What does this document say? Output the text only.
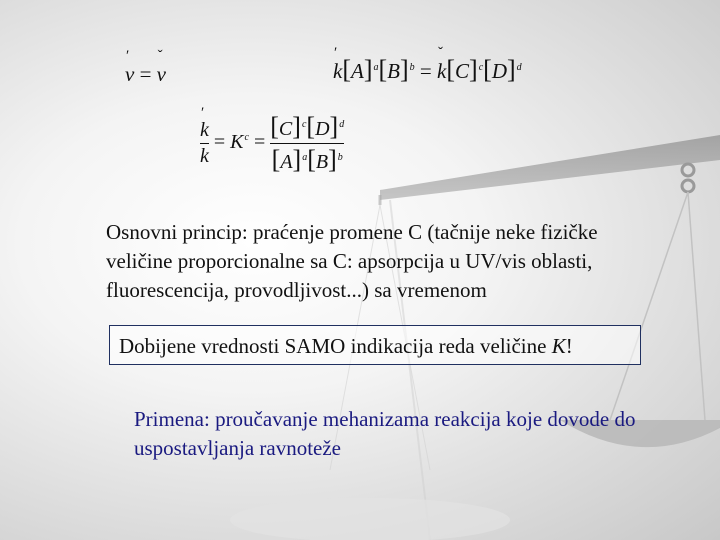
′
v =
ˇ
v
′
$k[A]^a[B]^b$ =
ˇ
$k[C]^c[D]^d$
′
k
$k = K^c = \frac{[C]^c[D]^d}{[A]^a[B]^b}$
Osnovni princip: praćenje promene C (tačnije neke fizičke veličine proporcionalne sa C: apsorpcija u UV/vis oblasti, fluorescencija, provodljivost...) sa vremenom
Dobijene vrednosti SAMO indikacija reda veličine K!
Primena: proučavanje mehanizama reakcija koje dovode do uspostavljanja ravnoteže
